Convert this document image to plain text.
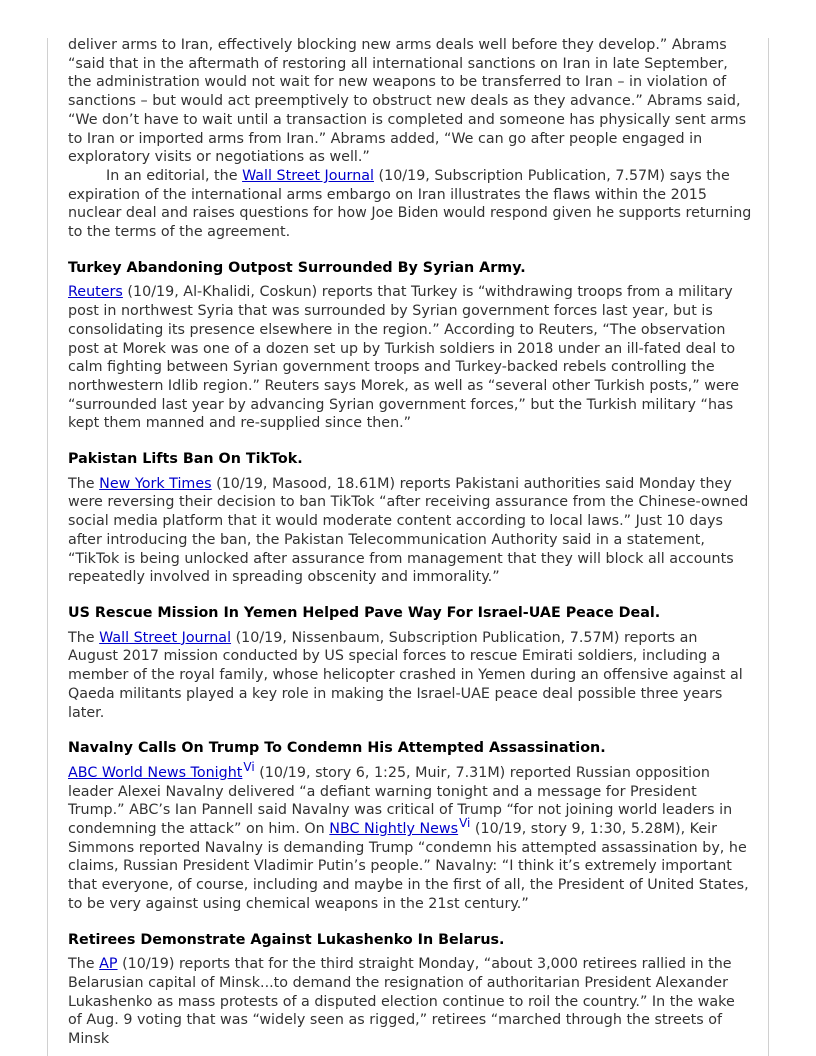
deliver arms to Iran, effectively blocking new arms deals well before they develop.” Abrams “said that in the aftermath of restoring all international sanctions on Iran in late September, the administration would not wait for new weapons to be transferred to Iran – in violation of sanctions – but would act preemptively to obstruct new deals as they advance.” Abrams said, “We don’t have to wait until a transaction is completed and someone has physically sent arms to Iran or imported arms from Iran.” Abrams added, “We can go after people engaged in exploratory visits or negotiations as well.”

In an editorial, the Wall Street Journal (10/19, Subscription Publication, 7.57M) says the expiration of the international arms embargo on Iran illustrates the flaws within the 2015 nuclear deal and raises questions for how Joe Biden would respond given he supports returning to the terms of the agreement.

Turkey Abandoning Outpost Surrounded By Syrian Army.

Reuters (10/19, Al-Khalidi, Coskun) reports that Turkey is “withdrawing troops from a military post in northwest Syria that was surrounded by Syrian government forces last year, but is consolidating its presence elsewhere in the region.” According to Reuters, “The observation post at Morek was one of a dozen set up by Turkish soldiers in 2018 under an ill-fated deal to calm fighting between Syrian government troops and Turkey-backed rebels controlling the northwestern Idlib region.” Reuters says Morek, as well as “several other Turkish posts,” were “surrounded last year by advancing Syrian government forces,” but the Turkish military “has kept them manned and re-supplied since then.”

Pakistan Lifts Ban On TikTok.

The New York Times (10/19, Masood, 18.61M) reports Pakistani authorities said Monday they were reversing their decision to ban TikTok “after receiving assurance from the Chinese-owned social media platform that it would moderate content according to local laws.” Just 10 days after introducing the ban, the Pakistan Telecommunication Authority said in a statement, “TikTok is being unlocked after assurance from management that they will block all accounts repeatedly involved in spreading obscenity and immorality.”

US Rescue Mission In Yemen Helped Pave Way For Israel-UAE Peace Deal.

The Wall Street Journal (10/19, Nissenbaum, Subscription Publication, 7.57M) reports an August 2017 mission conducted by US special forces to rescue Emirati soldiers, including a member of the royal family, whose helicopter crashed in Yemen during an offensive against al Qaeda militants played a key role in making the Israel-UAE peace deal possible three years later.

Navalny Calls On Trump To Condemn His Attempted Assassination.

ABC World News Tonight$^{Vi}$ (10/19, story 6, 1:25, Muir, 7.31M) reported Russian opposition leader Alexei Navalny delivered “a defiant warning tonight and a message for President Trump.” ABC’s Ian Pannell said Navalny was critical of Trump “for not joining world leaders in condemning the attack” on him. On NBC Nightly News$^{Vi}$ (10/19, story 9, 1:30, 5.28M), Keir Simmons reported Navalny is demanding Trump “condemn his attempted assassination by, he claims, Russian President Vladimir Putin’s people.” Navalny: “I think it’s extremely important that everyone, of course, including and maybe in the first of all, the President of United States, to be very against using chemical weapons in the 21st century.”

Retirees Demonstrate Against Lukashenko In Belarus.

The AP (10/19) reports that for the third straight Monday, “about 3,000 retirees rallied in the Belarusian capital of Minsk...to demand the resignation of authoritarian President Alexander Lukashenko as mass protests of a disputed election continue to roil the country.” In the wake of Aug. 9 voting that was “widely seen as rigged,” retirees “marched through the streets of Minsk
